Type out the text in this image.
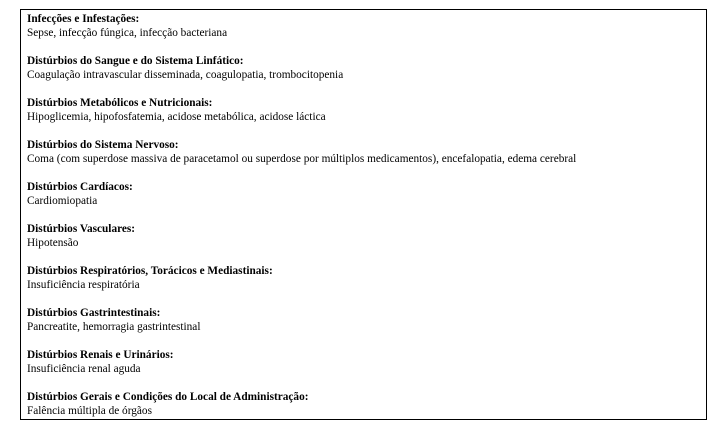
Infecções e Infestações:
Sepse, infecção fúngica, infecção bacteriana
Distúrbios do Sangue e do Sistema Linfático:
Coagulação intravascular disseminada, coagulopatia, trombocitopenia
Distúrbios Metabólicos e Nutricionais:
Hipoglicemia, hipofosfatemia, acidose metabólica, acidose láctica
Distúrbios do Sistema Nervoso:
Coma (com superdose massiva de paracetamol ou superdose por múltiplos medicamentos), encefalopatia, edema cerebral
Distúrbios Cardíacos:
Cardiomiopatia
Distúrbios Vasculares:
Hipotensão
Distúrbios Respiratórios, Torácicos e Mediastinais:
Insuficiência respiratória
Distúrbios Gastrintestinais:
Pancreatite, hemorragia gastrintestinal
Distúrbios Renais e Urinários:
Insuficiência renal aguda
Distúrbios Gerais e Condições do Local de Administração:
Falência múltipla de órgãos
